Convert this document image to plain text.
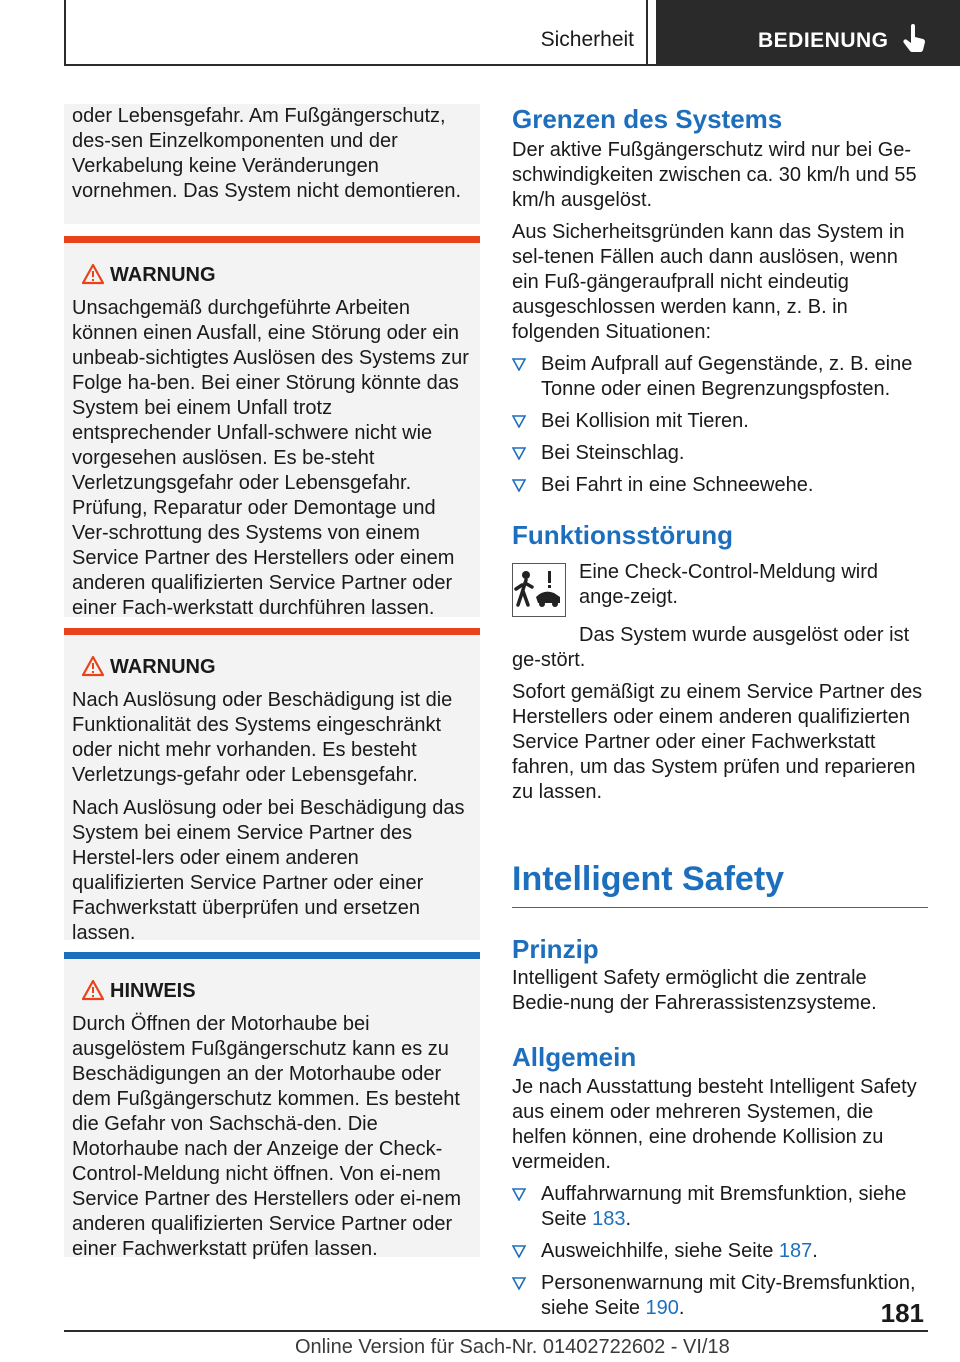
Sicherheit	BEDIENUNG

oder Lebensgefahr. Am Fußgängerschutz, des-sen Einzelkomponenten und der Verkabelung keine Veränderungen vornehmen. Das System nicht demontieren.

WARNUNG

Unsachgemäß durchgeführte Arbeiten können einen Ausfall, eine Störung oder ein unbeab-sichtigtes Auslösen des Systems zur Folge ha-ben. Bei einer Störung könnte das System bei einem Unfall trotz entsprechender Unfall-schwere nicht wie vorgesehen auslösen. Es be-steht Verletzungsgefahr oder Lebensgefahr. Prüfung, Reparatur oder Demontage und Ver-schrottung des Systems von einem Service Partner des Herstellers oder einem anderen qualifizierten Service Partner oder einer Fach-werkstatt durchführen lassen.

WARNUNG

Nach Auslösung oder Beschädigung ist die Funktionalität des Systems eingeschränkt oder nicht mehr vorhanden. Es besteht Verletzungs-gefahr oder Lebensgefahr.

Nach Auslösung oder bei Beschädigung das System bei einem Service Partner des Herstel-lers oder einem anderen qualifizierten Service Partner oder einer Fachwerkstatt überprüfen und ersetzen lassen.

HINWEIS

Durch Öffnen der Motorhaube bei ausgelöstem Fußgängerschutz kann es zu Beschädigungen an der Motorhaube oder dem Fußgängerschutz kommen. Es besteht die Gefahr von Sachschä-den. Die Motorhaube nach der Anzeige der Check-Control-Meldung nicht öffnen. Von ei-nem Service Partner des Herstellers oder ei-nem anderen qualifizierten Service Partner oder einer Fachwerkstatt prüfen lassen.

Grenzen des Systems

Der aktive Fußgängerschutz wird nur bei Ge-schwindigkeiten zwischen ca. 30 km/h und 55 km/h ausgelöst.

Aus Sicherheitsgründen kann das System in sel-tenen Fällen auch dann auslösen, wenn ein Fuß-gängeraufprall nicht eindeutig ausgeschlossen werden kann, z. B. in folgenden Situationen:

Beim Aufprall auf Gegenstände, z. B. eine Tonne oder einen Begrenzungspfosten.
Bei Kollision mit Tieren.
Bei Steinschlag.
Bei Fahrt in eine Schneewehe.
Funktionsstörung

Eine Check-Control-Meldung wird ange-zeigt.

Das System wurde ausgelöst oder ist ge-stört.

Sofort gemäßigt zu einem Service Partner des Herstellers oder einem anderen qualifizierten Service Partner oder einer Fachwerkstatt fahren, um das System prüfen und reparieren zu lassen.

Intelligent Safety
Prinzip

Intelligent Safety ermöglicht die zentrale Bedie-nung der Fahrerassistenzsysteme.

Allgemein

Je nach Ausstattung besteht Intelligent Safety aus einem oder mehreren Systemen, die helfen können, eine drohende Kollision zu vermeiden.

Auffahrwarnung mit Bremsfunktion, siehe Seite 183.
Ausweichhilfe, siehe Seite 187.
Personenwarnung mit City-Bremsfunktion, siehe Seite 190.	181
Online Version für Sach-Nr. 01402722602 - VI/18
